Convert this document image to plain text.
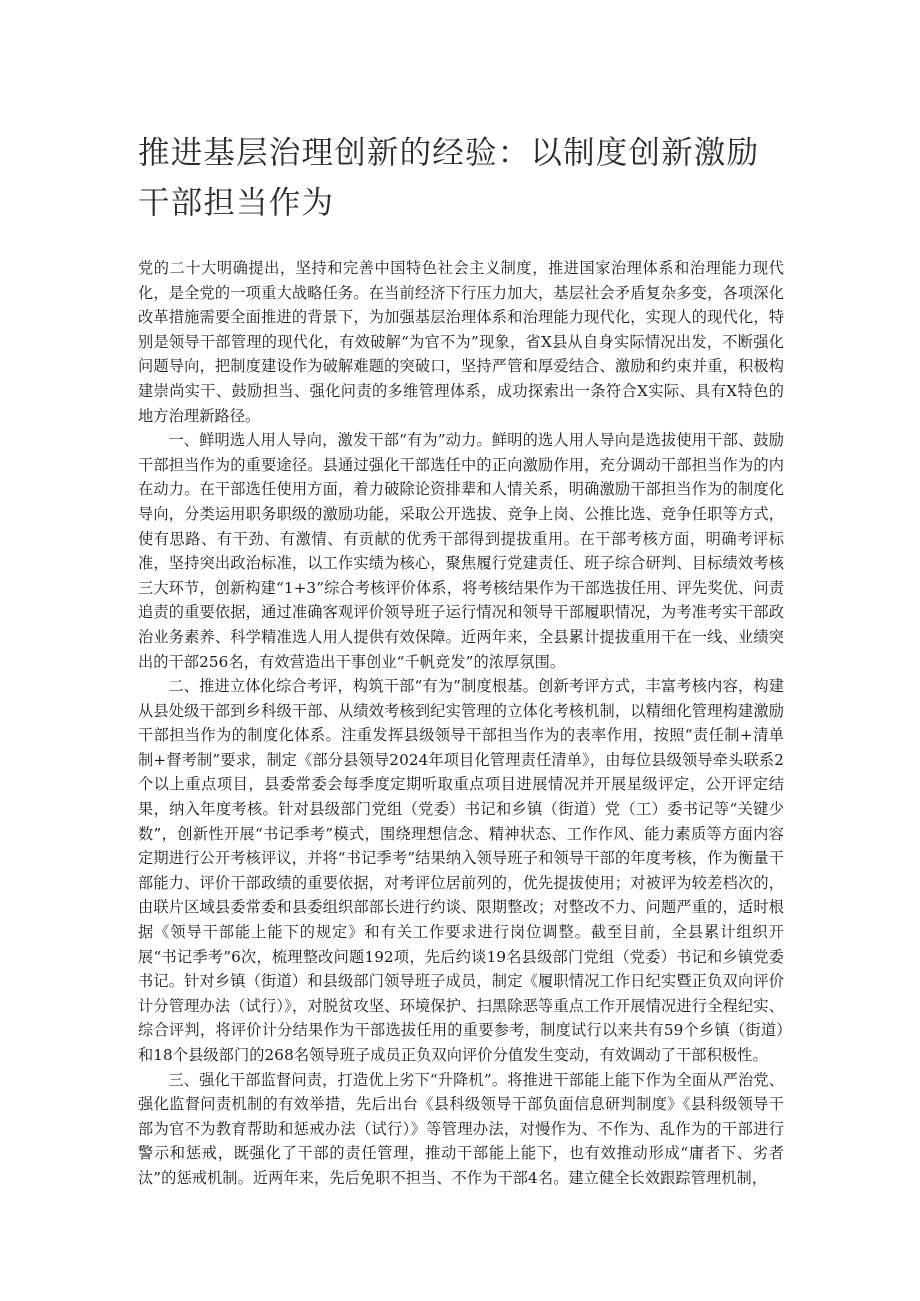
推进基层治理创新的经验：以制度创新激励干部担当作为

党的二十大明确提出，坚持和完善中国特色社会主义制度，推进国家治理体系和治理能力现代化，是全党的一项重大战略任务。在当前经济下行压力加大，基层社会矛盾复杂多变，各项深化改革措施需要全面推进的背景下，为加强基层治理体系和治理能力现代化，实现人的现代化，特别是领导干部管理的现代化，有效破解“为官不为”现象，省X县从自身实际情况出发，不断强化问题导向，把制度建设作为破解难题的突破口，坚持严管和厚爱结合、激励和约束并重，积极构建崇尚实干、鼓励担当、强化问责的多维管理体系，成功探索出一条符合X实际、具有X特色的地方治理新路径。

一、鲜明选人用人导向，激发干部“有为”动力。鲜明的选人用人导向是选拔使用干部、鼓励干部担当作为的重要途径。县通过强化干部选任中的正向激励作用，充分调动干部担当作为的内在动力。在干部选任使用方面，着力破除论资排辈和人情关系，明确激励干部担当作为的制度化导向，分类运用职务职级的激励功能，采取公开选拔、竞争上岗、公推比选、竞争任职等方式，使有思路、有干劲、有激情、有贡献的优秀干部得到提拔重用。在干部考核方面，明确考评标准，坚持突出政治标准，以工作实绩为核心，聚焦履行党建责任、班子综合研判、目标绩效考核三大环节，创新构建“1+3”综合考核评价体系，将考核结果作为干部选拔任用、评先奖优、问责追责的重要依据，通过准确客观评价领导班子运行情况和领导干部履职情况，为考准考实干部政治业务素养、科学精准选人用人提供有效保障。近两年来，全县累计提拔重用干在一线、业绩突出的干部256名，有效营造出干事创业“千帆竞发”的浓厚氛围。

二、推进立体化综合考评，构筑干部“有为”制度根基。创新考评方式，丰富考核内容，构建从县处级干部到乡科级干部、从绩效考核到纪实管理的立体化考核机制，以精细化管理构建激励干部担当作为的制度化体系。注重发挥县级领导干部担当作为的表率作用，按照“责任制+清单制+督考制”要求，制定《部分县领导2024年项目化管理责任清单》，由每位县级领导牵头联系2个以上重点项目，县委常委会每季度定期听取重点项目进展情况并开展星级评定，公开评定结果，纳入年度考核。针对县级部门党组（党委）书记和乡镇（街道）党（工）委书记等“关键少数”，创新性开展“书记季考”模式，围绕理想信念、精神状态、工作作风、能力素质等方面内容定期进行公开考核评议，并将“书记季考”结果纳入领导班子和领导干部的年度考核，作为衡量干部能力、评价干部政绩的重要依据，对考评位居前列的，优先提拔使用；对被评为较差档次的，由联片区域县委常委和县委组织部部长进行约谈、限期整改；对整改不力、问题严重的，适时根据《领导干部能上能下的规定》和有关工作要求进行岗位调整。截至目前，全县累计组织开展“书记季考”6次，梳理整改问题192项，先后约谈19名县级部门党组（党委）书记和乡镇党委书记。针对乡镇（街道）和县级部门领导班子成员，制定《履职情况工作日纪实暨正负双向评价计分管理办法（试行）》，对脱贫攻坚、环境保护、扫黑除恶等重点工作开展情况进行全程纪实、综合评判，将评价计分结果作为干部选拔任用的重要参考，制度试行以来共有59个乡镇（街道）和18个县级部门的268名领导班子成员正负双向评价分值发生变动，有效调动了干部积极性。

三、强化干部监督问责，打造优上劣下“升降机”。将推进干部能上能下作为全面从严治党、强化监督问责机制的有效举措，先后出台《县科级领导干部负面信息研判制度》《县科级领导干部为官不为教育帮助和惩戒办法（试行）》等管理办法，对慢作为、不作为、乱作为的干部进行警示和惩戒，既强化了干部的责任管理，推动干部能上能下，也有效推动形成“庸者下、劣者汰”的惩戒机制。近两年来，先后免职不担当、不作为干部4名。建立健全长效跟踪管理机制，
